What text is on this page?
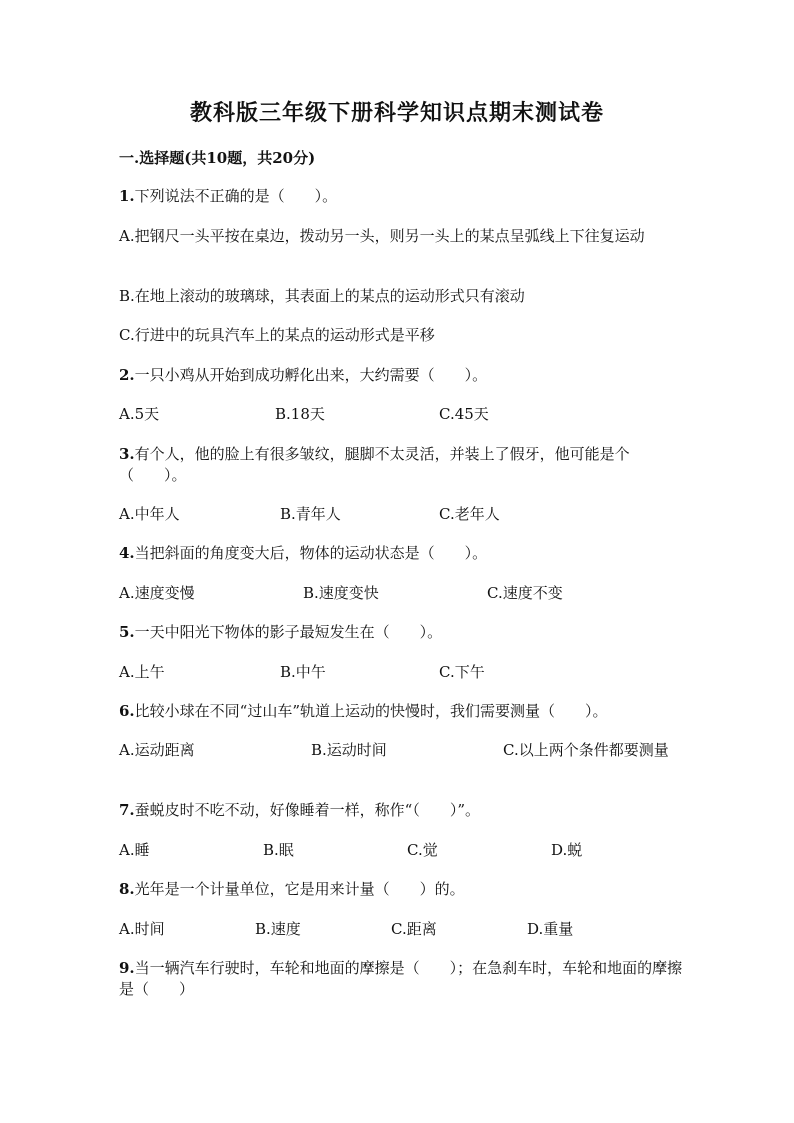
教科版三年级下册科学知识点期末测试卷
一.选择题(共10题，共20分)
1.下列说法不正确的是（　　）。
A.把钢尺一头平按在桌边，拨动另一头，则另一头上的某点呈弧线上下往复运动
B.在地上滚动的玻璃球，其表面上的某点的运动形式只有滚动
C.行进中的玩具汽车上的某点的运动形式是平移
2.一只小鸡从开始到成功孵化出来，大约需要（　　）。
A.5天	B.18天	C.45天
3.有个人，他的脸上有很多皱纹，腿脚不太灵活，并装上了假牙，他可能是个（　　）。
A.中年人	B.青年人	C.老年人
4.当把斜面的角度变大后，物体的运动状态是（　　）。
A.速度变慢	B.速度变快	C.速度不变
5.一天中阳光下物体的影子最短发生在（　　）。
A.上午	B.中午	C.下午
6.比较小球在不同“过山车”轨道上运动的快慢时，我们需要测量（　　）。
A.运动距离	B.运动时间	C.以上两个条件都要测量
7.蚕蜕皮时不吃不动，好像睡着一样，称作“（　　）”。
A.睡	B.眠	C.觉	D.蜕
8.光年是一个计量单位，它是用来计量（　　）的。
A.时间	B.速度	C.距离	D.重量
9.当一辆汽车行驶时，车轮和地面的摩擦是（　　）；在急刹车时，车轮和地面的摩擦是（　　）
